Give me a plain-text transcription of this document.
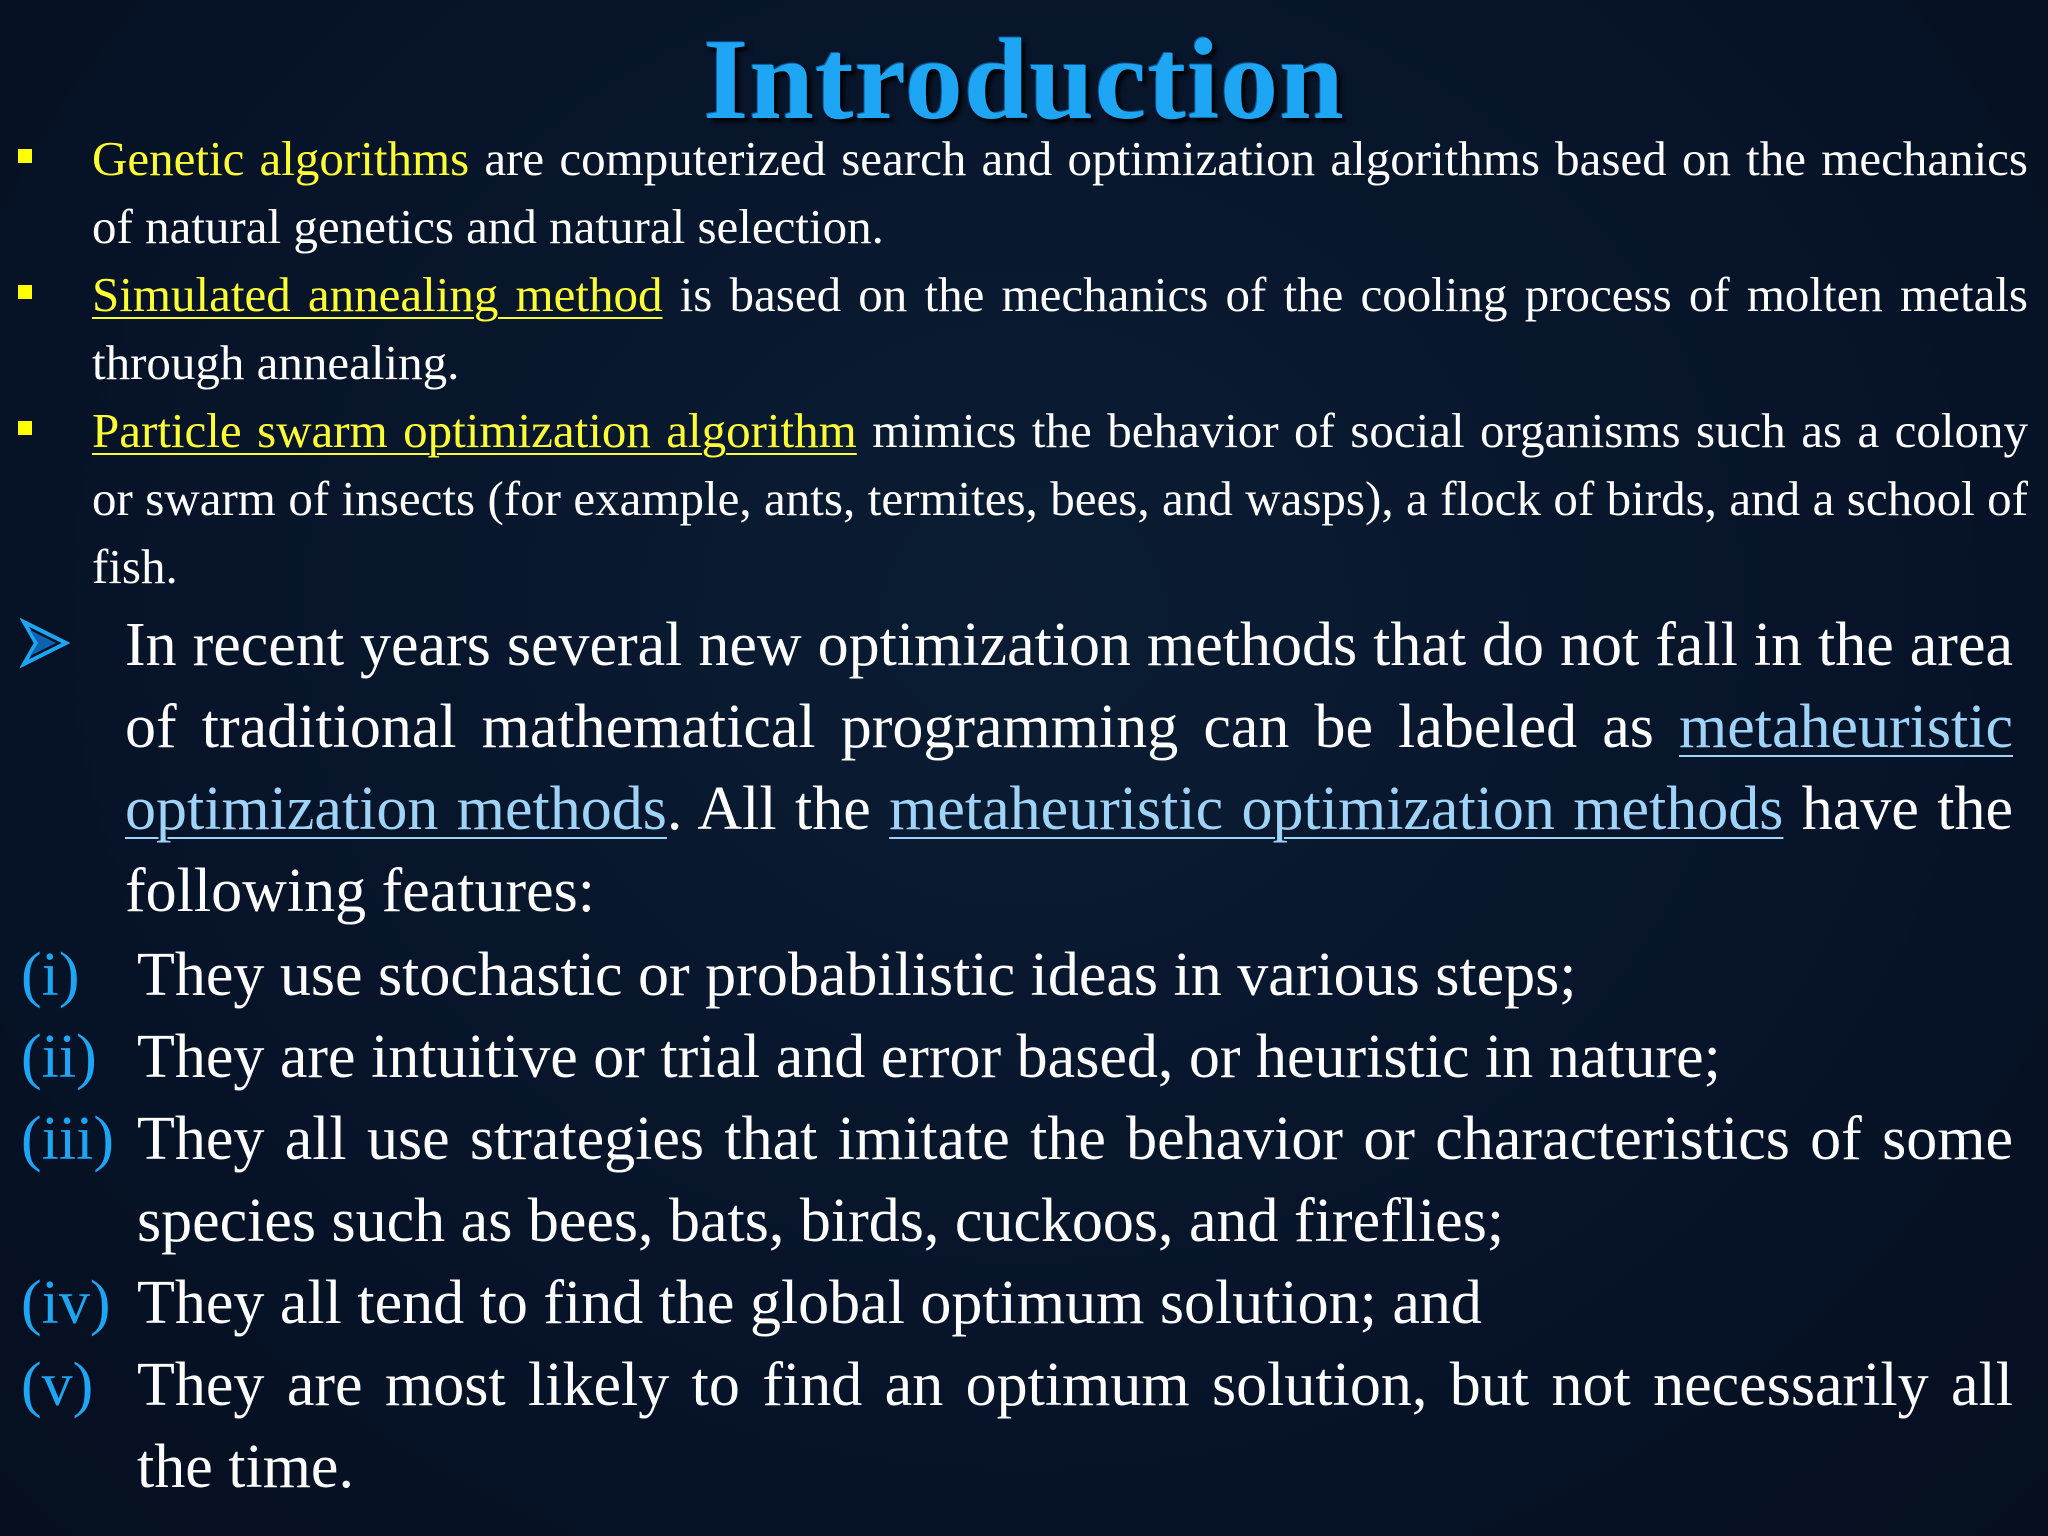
Introduction
Genetic algorithms are computerized search and optimization algorithms based on the mechanics of natural genetics and natural selection.
Simulated annealing method is based on the mechanics of the cooling process of molten metals through annealing.
Particle swarm optimization algorithm mimics the behavior of social organisms such as a colony or swarm of insects (for example, ants, termites, bees, and wasps), a flock of birds, and a school of fish.
In recent years several new optimization methods that do not fall in the area of traditional mathematical programming can be labeled as metaheuristic optimization methods. All the metaheuristic optimization methods have the following features:
(i) They use stochastic or probabilistic ideas in various steps;
(ii) They are intuitive or trial and error based, or heuristic in nature;
(iii) They all use strategies that imitate the behavior or characteristics of some species such as bees, bats, birds, cuckoos, and fireflies;
(iv) They all tend to find the global optimum solution; and
(v) They are most likely to find an optimum solution, but not necessarily all the time.
